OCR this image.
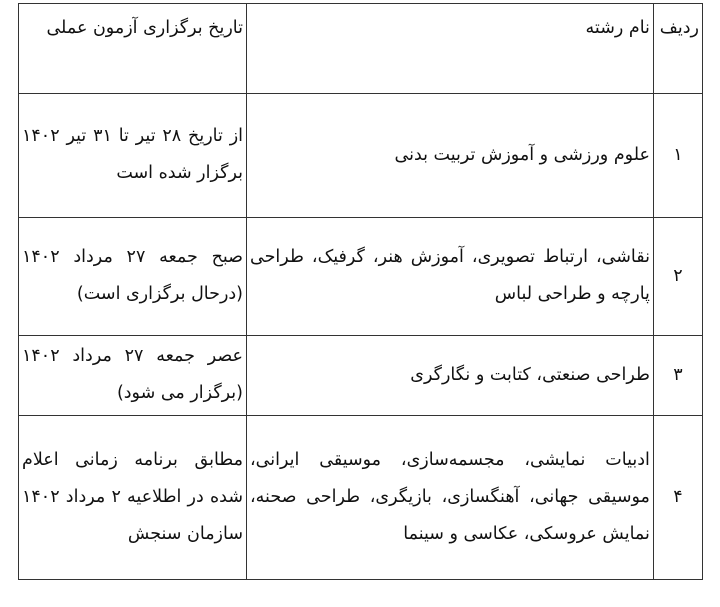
ردیف	نام رشته	تاریخ برگزاری آزمون عملی
۱	علوم ورزشی و آموزش تربیت بدنی	از تاریخ ۲۸ تیر تا ۳۱ تیر ۱۴۰۲ برگزار شده است
۲	نقاشی، ارتباط تصویری، آموزش هنر، گرفیک، طراحی پارچه و طراحی لباس	صبح جمعه ۲۷ مرداد ۱۴۰۲ (درحال برگزاری است)
۳	طراحی صنعتی، کتابت و نگارگری	عصر جمعه ۲۷ مرداد ۱۴۰۲ (برگزار می شود)
۴	ادبیات نمایشی، مجسمه‌سازی، موسیقی ایرانی، موسیقی جهانی، آهنگسازی، بازیگری، طراحی صحنه، نمایش عروسکی، عکاسی و سینما	مطابق برنامه زمانی اعلام شده در اطلاعیه ۲ مرداد ۱۴۰۲ سازمان سنجش
